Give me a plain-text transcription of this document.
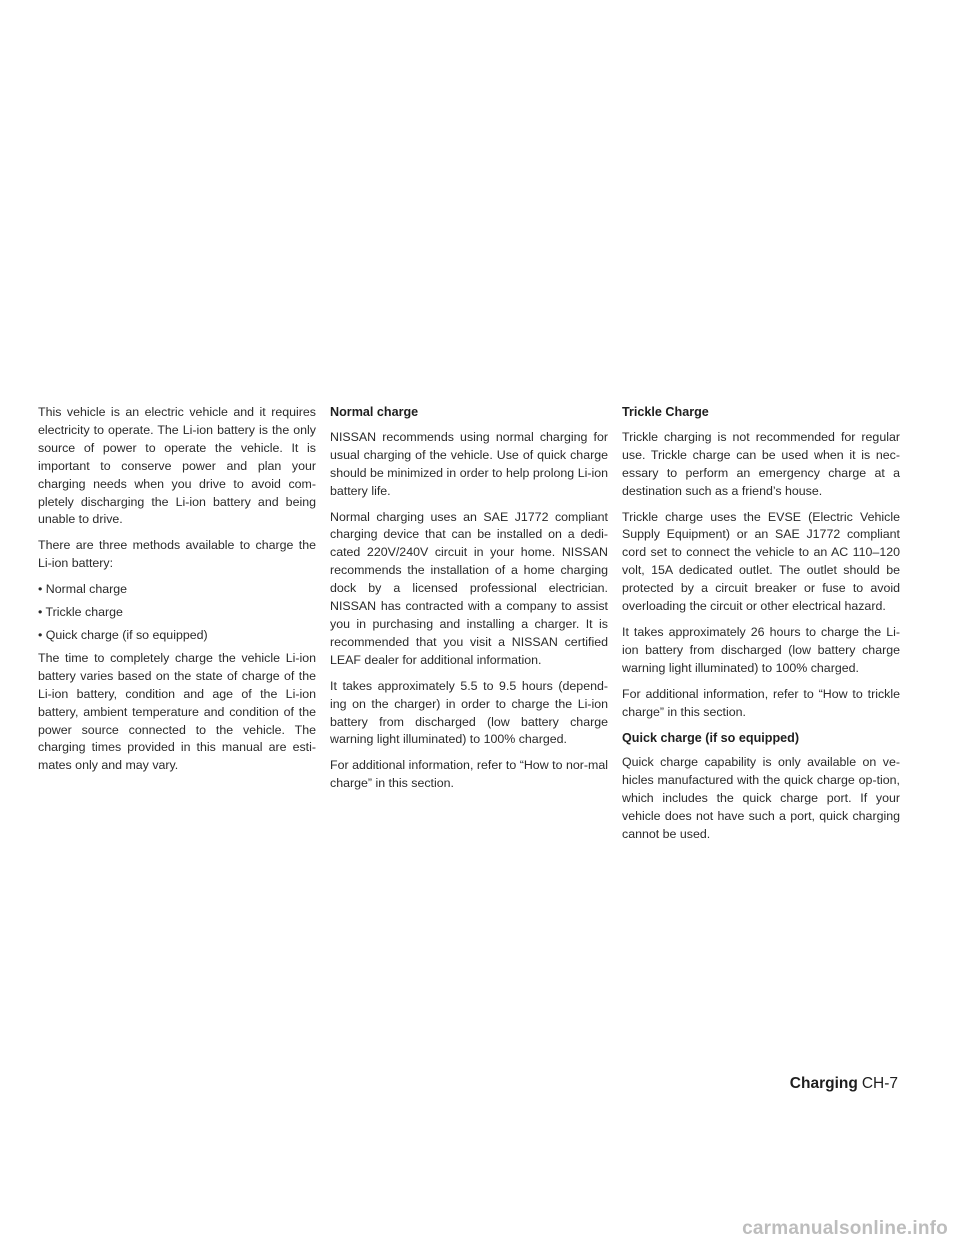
This vehicle is an electric vehicle and it requires electricity to operate. The Li-ion battery is the only source of power to operate the vehicle. It is important to conserve power and plan your charging needs when you drive to avoid com-pletely discharging the Li-ion battery and being unable to drive.

There are three methods available to charge the Li-ion battery:

• Normal charge

• Trickle charge

• Quick charge (if so equipped)

The time to completely charge the vehicle Li-ion battery varies based on the state of charge of the Li-ion battery, condition and age of the Li-ion battery, ambient temperature and condition of the power source connected to the vehicle. The charging times provided in this manual are esti-mates only and may vary.

Normal charge

NISSAN recommends using normal charging for usual charging of the vehicle. Use of quick charge should be minimized in order to help prolong Li-ion battery life.

Normal charging uses an SAE J1772 compliant charging device that can be installed on a dedi-cated 220V/240V circuit in your home. NISSAN recommends the installation of a home charging dock by a licensed professional electrician. NISSAN has contracted with a company to assist you in purchasing and installing a charger. It is recommended that you visit a NISSAN certified LEAF dealer for additional information.

It takes approximately 5.5 to 9.5 hours (depend-ing on the charger) in order to charge the Li-ion battery from discharged (low battery charge warning light illuminated) to 100% charged.

For additional information, refer to “How to nor-mal charge” in this section.

Trickle Charge

Trickle charging is not recommended for regular use. Trickle charge can be used when it is nec-essary to perform an emergency charge at a destination such as a friend’s house.

Trickle charge uses the EVSE (Electric Vehicle Supply Equipment) or an SAE J1772 compliant cord set to connect the vehicle to an AC 110–120 volt, 15A dedicated outlet. The outlet should be protected by a circuit breaker or fuse to avoid overloading the circuit or other electrical hazard.

It takes approximately 26 hours to charge the Li-ion battery from discharged (low battery charge warning light illuminated) to 100% charged.

For additional information, refer to “How to trickle charge” in this section.

Quick charge (if so equipped)

Quick charge capability is only available on ve-hicles manufactured with the quick charge op-tion, which includes the quick charge port. If your vehicle does not have such a port, quick charging cannot be used.

Charging CH-7
carmanualsonline.info
